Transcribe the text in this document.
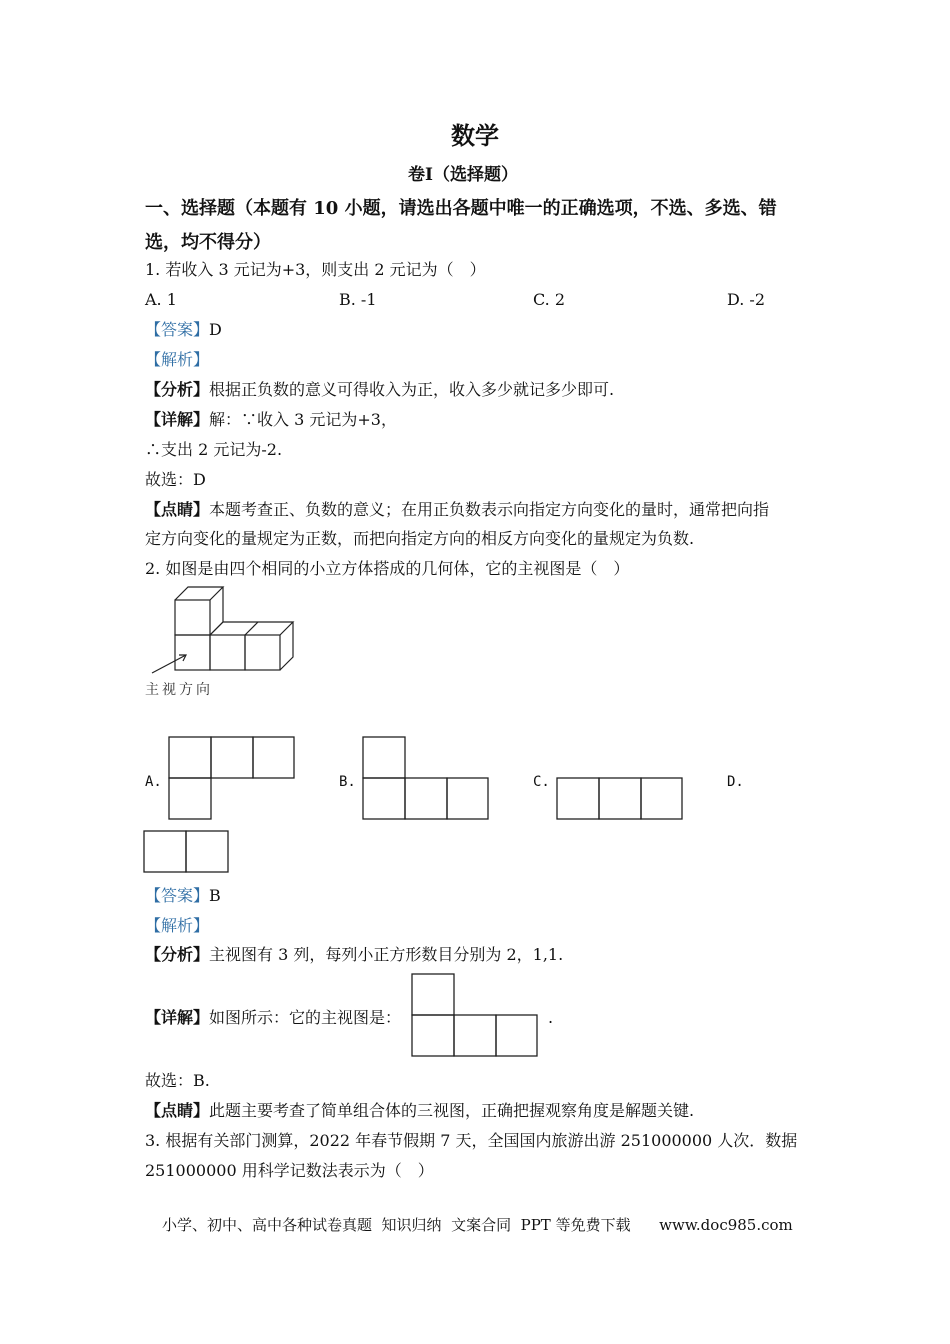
数学
卷Ⅰ（选择题）
一、选择题（本题有 10 小题，请选出各题中唯一的正确选项，不选、多选、错
选，均不得分）
1. 若收入 3 元记为+3，则支出 2 元记为（　）
A. 1	B. -1	C. 2	D. -2
【答案】D
【解析】
【分析】根据正负数的意义可得收入为正，收入多少就记多少即可.
【详解】解：∵收入 3 元记为+3，
∴支出 2 元记为-2.
故选：D
【点睛】本题考查正、负数的意义；在用正负数表示向指定方向变化的量时，通常把向指
定方向变化的量规定为正数，而把向指定方向的相反方向变化的量规定为负数.
2. 如图是由四个相同的小立方体搭成的几何体，它的主视图是（　）
主视方向
A.	B.	C.	D.
【答案】B
【解析】
【分析】主视图有 3 列，每列小正方形数目分别为 2，1,1.
【详解】如图所示：它的主视图是：	.
故选：B.
【点睛】此题主要考查了简单组合体的三视图，正确把握观察角度是解题关键.
3. 根据有关部门测算，2022 年春节假期 7 天，全国国内旅游出游 251000000 人次．数据
251000000 用科学记数法表示为（　）
小学、初中、高中各种试卷真题  知识归纳  文案合同  PPT 等免费下载      www.doc985.com
